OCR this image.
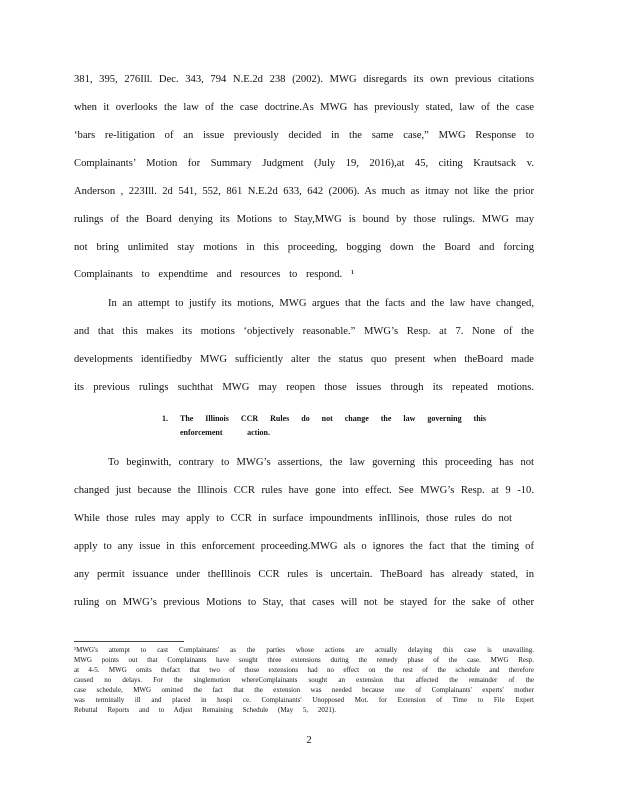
381, 395, 276Ill. Dec. 343, 794 N.E.2d 238 (2002). MWG disregards its own previous citations
when it overlooks the law of the case doctrine.As MWG has previously stated, law of the case
‘bars re-litigation of an issue previously decided in the same case,” MWG Response to
Complainants’ Motion for Summary Judgment (July 19, 2016),at 45, citing Krautsack v.
Anderson , 223Ill. 2d 541, 552, 861 N.E.2d 633, 642 (2006). As much as itmay not like the prior
rulings of the Board denying its Motions to Stay,MWG is bound by those rulings. MWG may
not bring unlimited stay motions in this proceeding, bogging down the Board and forcing
Complainants to expendtime and resources to respond. ¹
In an attempt to justify its motions, MWG argues that the facts and the law have changed,
and that this makes its motions ‘objectively reasonable.” MWG’s Resp. at 7. None of the
developments identifiedby MWG sufficiently alter the status quo present when theBoard made
its previous rulings suchthat MWG may reopen those issues through its repeated motions.
1. The Illinois CCR Rules do not change the law governing this
enforcement action.
To beginwith, contrary to MWG’s assertions, the law governing this proceeding has not
changed just because the Illinois CCR rules have gone into effect. See MWG’s Resp. at 9 -10.
While those rules may apply to CCR in surface impoundments inIllinois, those rules do not
apply to any issue in this enforcement proceeding.MWG als o ignores the fact that the timing of
any permit issuance under theIllinois CCR rules is uncertain. TheBoard has already stated, in
ruling on MWG’s previous Motions to Stay, that cases will not be stayed for the sake of other
¹MWG's attempt to cast Complainants' as the parties whose actions are actually delaying this case is unavailing.
MWG points out that Complainants have sought three extensions during the remedy phase of the case. MWG Resp.
at 4-5. MWG omits thefact that two of those extensions had no effect on the rest of the schedule and therefore
caused no delays. For the singlemotion whereComplainants sought an extension that affected the remainder of the
case schedule, MWG omitted the fact that the extension was needed because one of Complainants' experts' mother
was terminally ill and placed in hospi ce. Complainants' Unopposed Mot. for Extension of Time to File Expert
Rebuttal Reports and to Adjust Remaining Schedule (May 5, 2021).
2
